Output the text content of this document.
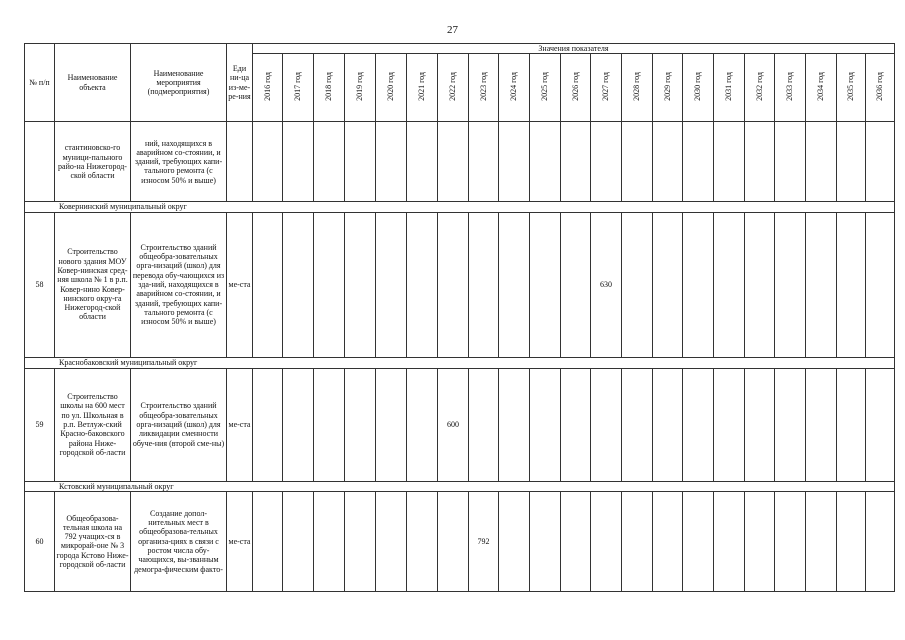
27
№ п/п	Наименование объекта	Наименование мероприятия (подмероприятия)	Еди ни-ца из-ме-ре-ния	Значения показателя																				
				2016 год	2017 год	2018 год	2019 год	2020 год	2021 год	2022 год	2023 год	2024 год	2025 год	2026 год	2027 год	2028 год	2029 год	2030 год	2031 год	2032 год	2033 год	2034 год	2035 год	2036 год

	стантиновско-го муници-пального райо-на Нижегород-ской области	ний, находящихся в аварийном со-стоянии, и зданий, требующих капи-тального ремонта (с износом 50% и выше)																						

Ковернинский муниципальный округ																								
58	Строительство нового здания МОУ Ковер-нинская сред-няя школа № 1 в р.п. Ковер-нино Ковер-нинского окру-га Нижегород-ской области	Строительство зданий общеобра-зовательных орга-низаций (школ) для перевода обу-чающихся из зда-ний, находящихся в аварийном со-стоянии, и зданий, требующих капи-тального ремонта (с износом 50% и выше)	ме-ста												630									
Краснобаковский муниципальный округ																								
59	Строительство школы на 600 мест по ул. Школьная в р.п. Ветлуж-ский Красно-баковского района Ниже-городской об-ласти	Строительство зданий общеобра-зовательных орга-низаций (школ) для ликвидации сменности обуче-ния (второй сме-ны)	ме-ста							600														
Кстовский муниципальный округ																								
60	Общеобразова-тельная школа на 792 учащих-ся в микрорай-оне № 3 города Кстово Ниже-городской об-ласти	Создание допол-нительных мест в общеобразова-тельных организа-циях в связи с ростом числа обу-чающихся, вы-званным демогра-фическим факто-	ме-ста								792													
